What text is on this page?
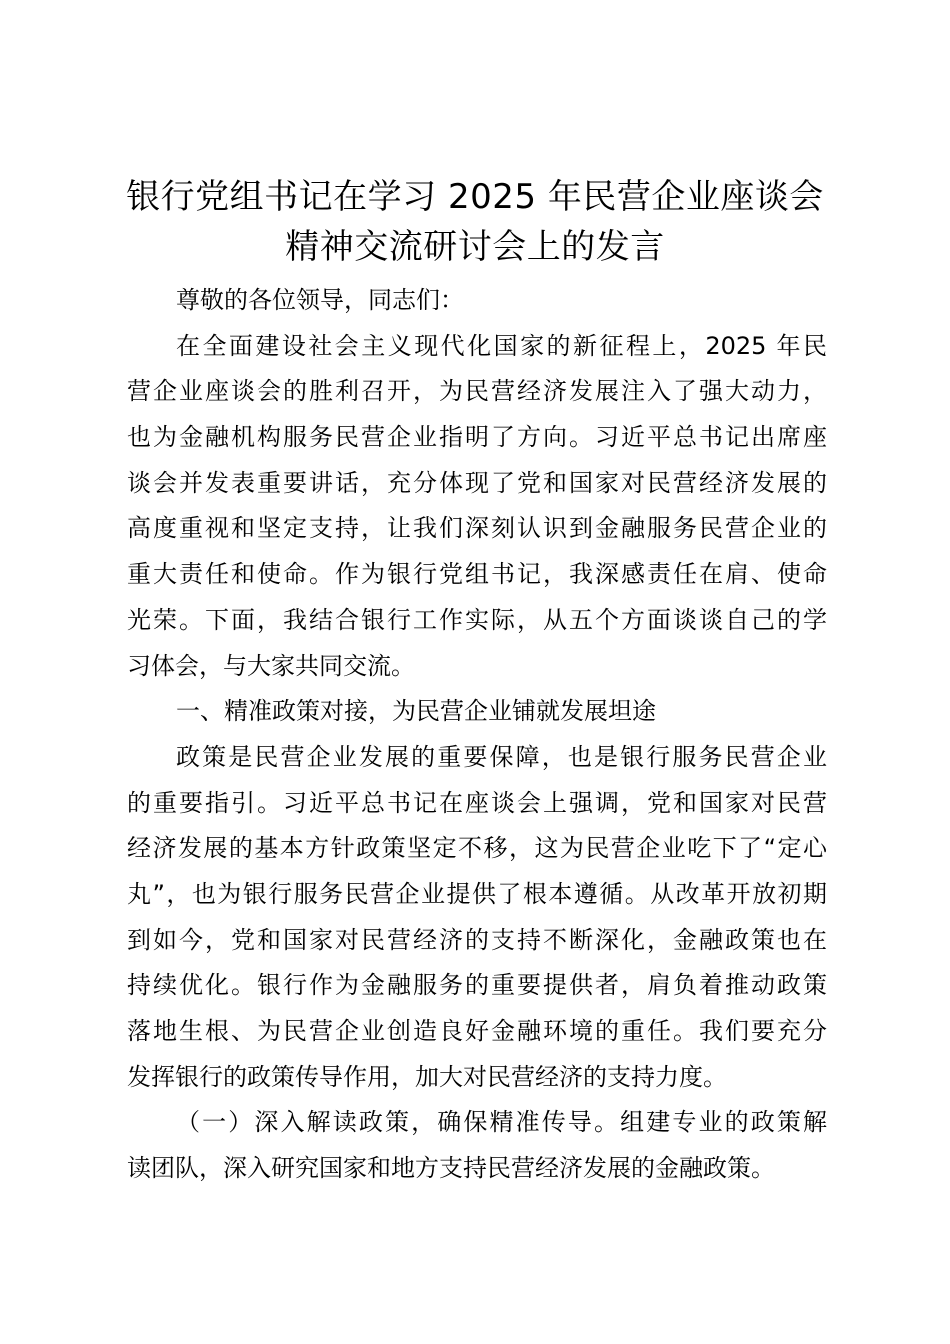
银行党组书记在学习 2025 年民营企业座谈会
精神交流研讨会上的发言
尊敬的各位领导，同志们：
在全面建设社会主义现代化国家的新征程上，2025 年民
营企业座谈会的胜利召开，为民营经济发展注入了强大动力，
也为金融机构服务民营企业指明了方向。习近平总书记出席座
谈会并发表重要讲话，充分体现了党和国家对民营经济发展的
高度重视和坚定支持，让我们深刻认识到金融服务民营企业的
重大责任和使命。作为银行党组书记，我深感责任在肩、使命
光荣。下面，我结合银行工作实际，从五个方面谈谈自己的学
习体会，与大家共同交流。
一、精准政策对接，为民营企业铺就发展坦途
政策是民营企业发展的重要保障，也是银行服务民营企业
的重要指引。习近平总书记在座谈会上强调，党和国家对民营
经济发展的基本方针政策坚定不移，这为民营企业吃下了“定心
丸”，也为银行服务民营企业提供了根本遵循。从改革开放初期
到如今，党和国家对民营经济的支持不断深化，金融政策也在
持续优化。银行作为金融服务的重要提供者，肩负着推动政策
落地生根、为民营企业创造良好金融环境的重任。我们要充分
发挥银行的政策传导作用，加大对民营经济的支持力度。
（一）深入解读政策，确保精准传导。组建专业的政策解
读团队，深入研究国家和地方支持民营经济发展的金融政策。
